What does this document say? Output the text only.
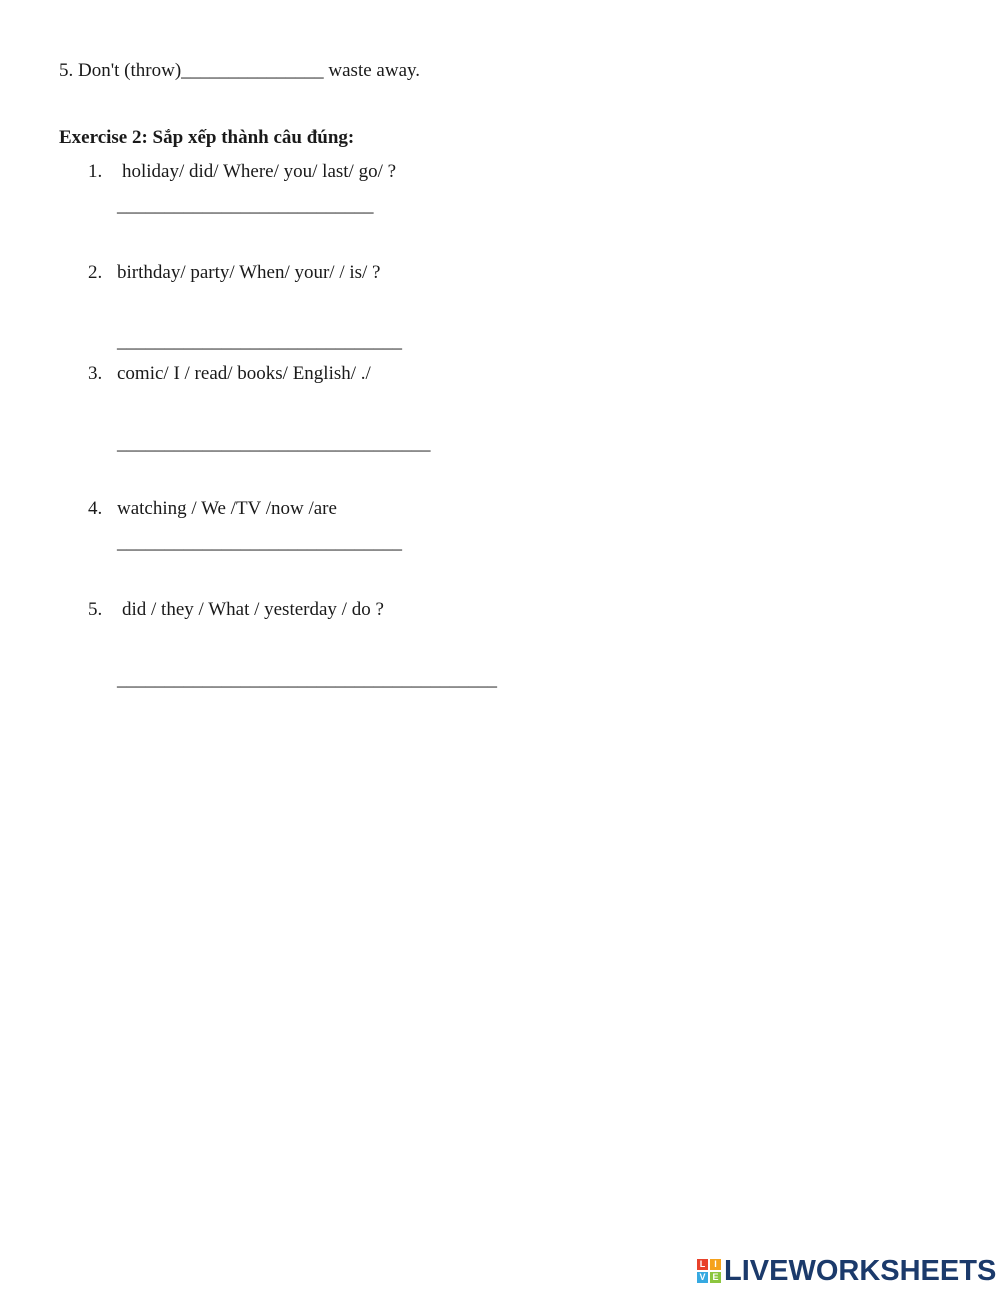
5. Don't (throw)_______________ waste away.
Exercise 2: Sắp xếp thành câu đúng:
1. holiday/ did/ Where/ you/ last/ go/ ?
___________________________
2. birthday/ party/ When/ your/ / is/ ?
______________________________
3. comic/ I / read/ books/ English/ ./
_________________________________
4. watching / We /TV /now /are
______________________________
5. did / they / What / yesterday / do ?
________________________________________
L I
V E LIVEWORKSHEETS
